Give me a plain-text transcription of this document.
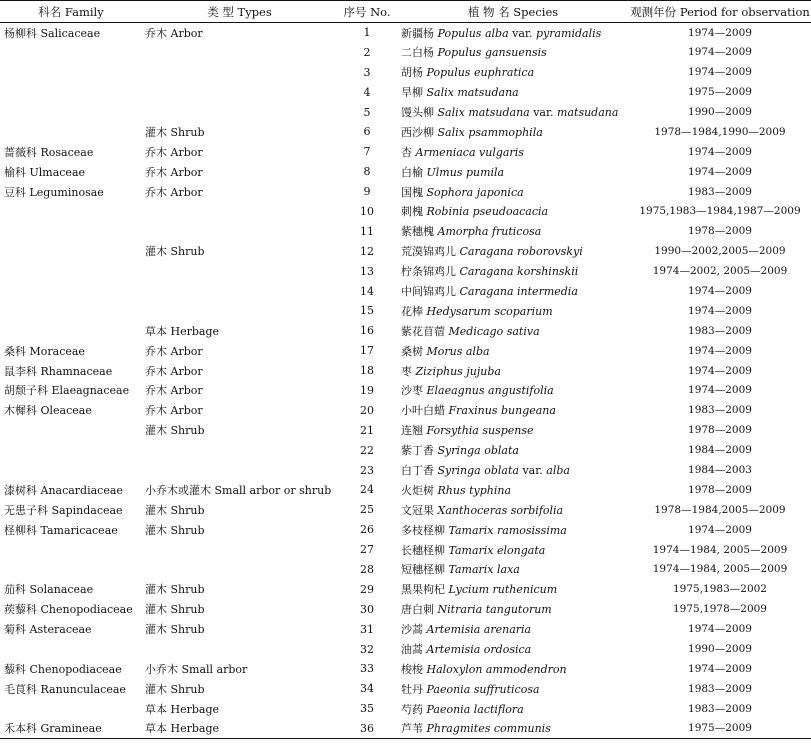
科名 Family	类 型 Types	序号 No.	植 物 名 Species	观测年份 Period for observation
杨柳科 Salicaceae	乔木 Arbor	1	新疆杨 Populus alba var. pyramidalis	1974—2009
		2	二白杨 Populus gansuensis	1974—2009
		3	胡杨 Populus euphratica	1974—2009
		4	旱柳 Salix matsudana	1975—2009
		5	馒头柳 Salix matsudana var. matsudana	1990—2009
	灌木 Shrub	6	西沙柳 Salix psammophila	1978—1984,1990—2009
蔷薇科 Rosaceae	乔木 Arbor	7	杏 Armeniaca vulgaris	1974—2009
榆科 Ulmaceae	乔木 Arbor	8	白榆 Ulmus pumila	1974—2009
豆科 Leguminosae	乔木 Arbor	9	国槐 Sophora japonica	1983—2009
		10	刺槐 Robinia pseudoacacia	1975,1983—1984,1987—2009
		11	紫穗槐 Amorpha fruticosa	1978—2009
	灌木 Shrub	12	荒漠锦鸡儿 Caragana roborovskyi	1990—2002,2005—2009
		13	柠条锦鸡儿 Caragana korshinskii	1974—2002, 2005—2009
		14	中间锦鸡儿 Caragana intermedia	1974—2009
		15	花棒 Hedysarum scoparium	1974—2009
	草本 Herbage	16	紫花苜蓿 Medicago sativa	1983—2009
桑科 Moraceae	乔木 Arbor	17	桑树 Morus alba	1974—2009
鼠李科 Rhamnaceae	乔木 Arbor	18	枣 Ziziphus jujuba	1974—2009
胡颓子科 Elaeagnaceae	乔木 Arbor	19	沙枣 Elaeagnus angustifolia	1974—2009
木樨科 Oleaceae	乔木 Arbor	20	小叶白蜡 Fraxinus bungeana	1983—2009
	灌木 Shrub	21	连翘 Forsythia suspense	1978—2009
		22	紫丁香 Syringa oblata	1984—2009
		23	白丁香 Syringa oblata var. alba	1984—2003
漆树科 Anacardiaceae	小乔木或灌木 Small arbor or shrub	24	火炬树 Rhus typhina	1978—2009
无患子科 Sapindaceae	灌木 Shrub	25	文冠果 Xanthoceras sorbifolia	1978—1984,2005—2009
柽柳科 Tamaricaceae	灌木 Shrub	26	多枝柽柳 Tamarix ramosissima	1974—2009
		27	长穗柽柳 Tamarix elongata	1974—1984, 2005—2009
		28	短穗柽柳 Tamarix laxa	1974—1984, 2005—2009
茄科 Solanaceae	灌木 Shrub	29	黑果枸杞 Lycium ruthenicum	1975,1983—2002
蒺藜科 Chenopodiaceae	灌木 Shrub	30	唐白刺 Nitraria tangutorum	1975,1978—2009
菊科 Asteraceae	灌木 Shrub	31	沙蒿 Artemisia arenaria	1974—2009
		32	油蒿 Artemisia ordosica	1990—2009
藜科 Chenopodiaceae	小乔木 Small arbor	33	梭梭 Haloxylon ammodendron	1974—2009
毛茛科 Ranunculaceae	灌木 Shrub	34	牡丹 Paeonia suffruticosa	1983—2009
	草本 Herbage	35	芍药 Paeonia lactiflora	1983—2009
禾本科 Gramineae	草本 Herbage	36	芦苇 Phragmites communis	1975—2009
